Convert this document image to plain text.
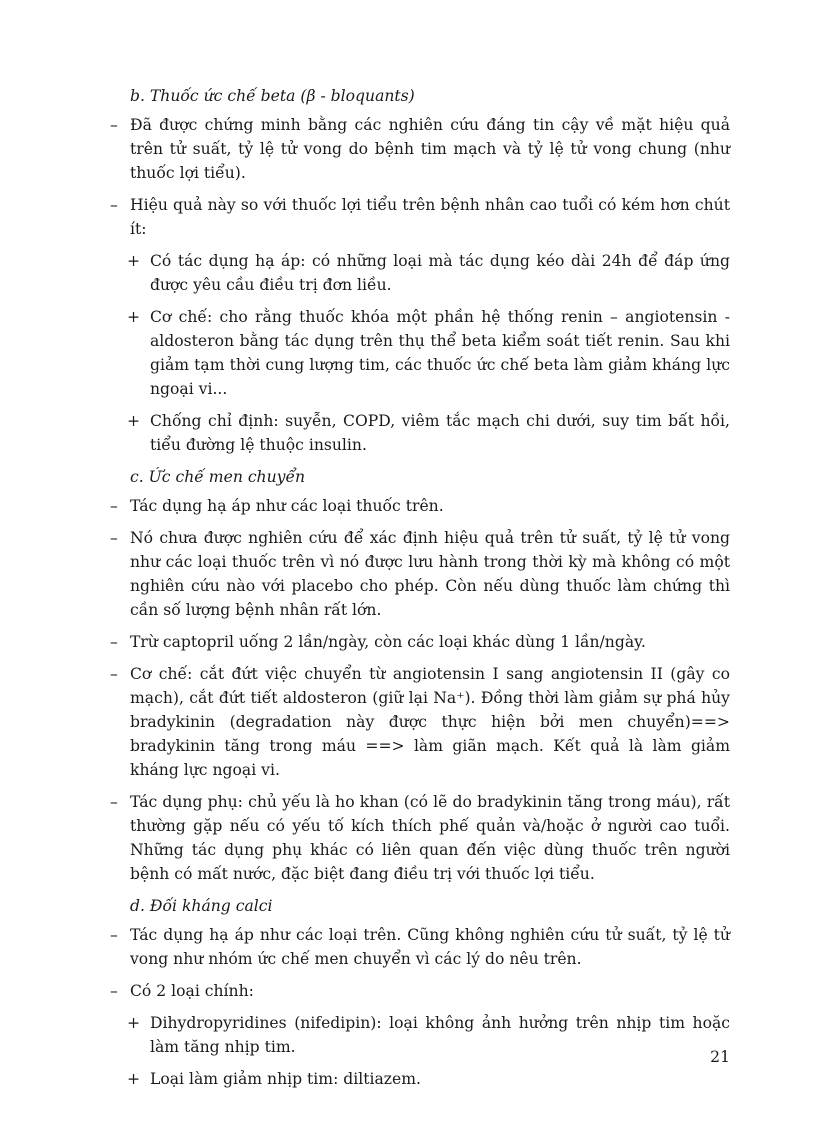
b. Thuốc ức chế beta (β - bloquants)
– Đã được chứng minh bằng các nghiên cứu đáng tin cậy về mặt hiệu quả trên tử suất, tỷ lệ tử vong do bệnh tim mạch và tỷ lệ tử vong chung (như thuốc lợi tiểu).
– Hiệu quả này so với thuốc lợi tiểu trên bệnh nhân cao tuổi có kém hơn chút ít:
+ Có tác dụng hạ áp: có những loại mà tác dụng kéo dài 24h để đáp ứng được yêu cầu điều trị đơn liều.
+ Cơ chế: cho rằng thuốc khóa một phần hệ thống renin – angiotensin - aldosteron bằng tác dụng trên thụ thể beta kiểm soát tiết renin. Sau khi giảm tạm thời cung lượng tim, các thuốc ức chế beta làm giảm kháng lực ngoại vi...
+ Chống chỉ định: suyễn, COPD, viêm tắc mạch chi dưới, suy tim bất hồi, tiểu đường lệ thuộc insulin.
c. Ức chế men chuyển
– Tác dụng hạ áp như các loại thuốc trên.
– Nó chưa được nghiên cứu để xác định hiệu quả trên tử suất, tỷ lệ tử vong như các loại thuốc trên vì nó được lưu hành trong thời kỳ mà không có một nghiên cứu nào với placebo cho phép. Còn nếu dùng thuốc làm chứng thì cần số lượng bệnh nhân rất lớn.
– Trừ captopril uống 2 lần/ngày, còn các loại khác dùng 1 lần/ngày.
– Cơ chế: cắt đứt việc chuyển từ angiotensin I sang angiotensin II (gây co mạch), cắt đứt tiết aldosteron (giữ lại Na⁺). Đồng thời làm giảm sự phá hủy bradykinin (degradation này được thực hiện bởi men chuyển)==> bradykinin tăng trong máu ==> làm giãn mạch. Kết quả là làm giảm kháng lực ngoại vi.
– Tác dụng phụ: chủ yếu là ho khan (có lẽ do bradykinin tăng trong máu), rất thường gặp nếu có yếu tố kích thích phế quản và/hoặc ở người cao tuổi. Những tác dụng phụ khác có liên quan đến việc dùng thuốc trên người bệnh có mất nước, đặc biệt đang điều trị với thuốc lợi tiểu.
d. Đối kháng calci
– Tác dụng hạ áp như các loại trên. Cũng không nghiên cứu tử suất, tỷ lệ tử vong như nhóm ức chế men chuyển vì các lý do nêu trên.
– Có 2 loại chính:
+ Dihydropyridines (nifedipin): loại không ảnh hưởng trên nhịp tim hoặc làm tăng nhịp tim.
+ Loại làm giảm nhịp tim: diltiazem.
21
